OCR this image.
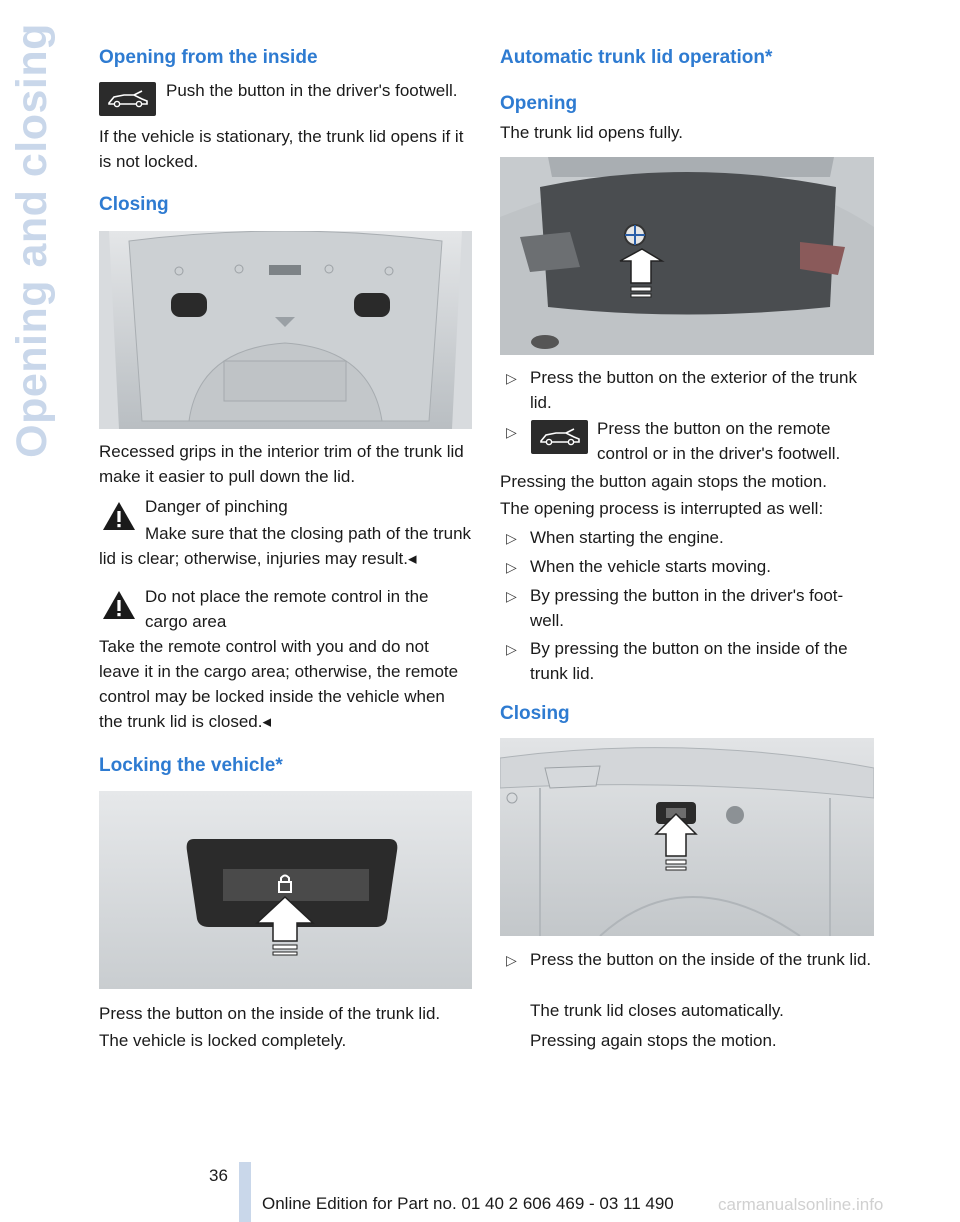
Opening and closing Opening from the inside
Push the button in the driver's footwell.
If the vehicle is stationary, the trunk lid opens if it is not locked.
Closing
Recessed grips in the interior trim of the trunk lid make it easier to pull down the lid.
Danger of pinching
Make sure that the closing path of the trunk lid is clear; otherwise, injuries may result.◂
Do not place the remote control in the cargo area
Take the remote control with you and do not leave it in the cargo area; otherwise, the remote control may be locked inside the vehicle when the trunk lid is closed.◂
Locking the vehicle*
Press the button on the inside of the trunk lid.
The vehicle is locked completely.
Automatic trunk lid operation*
Opening
The trunk lid opens fully.
▷ Press the button on the exterior of the trunk lid.
▷	Press the button on the remote control or in the driver's footwell.
Pressing the button again stops the motion.
The opening process is interrupted as well:
▷ When starting the engine.
▷ When the vehicle starts moving.
▷ By pressing the button in the driver's foot‐well.
▷ By pressing the button on the inside of the trunk lid.
Closing
▷ Press the button on the inside of the trunk lid.
The trunk lid closes automatically.
Pressing again stops the motion.
36
Online Edition for Part no. 01 40 2 606 469 - 03 11 490	carmanualsonline.info
